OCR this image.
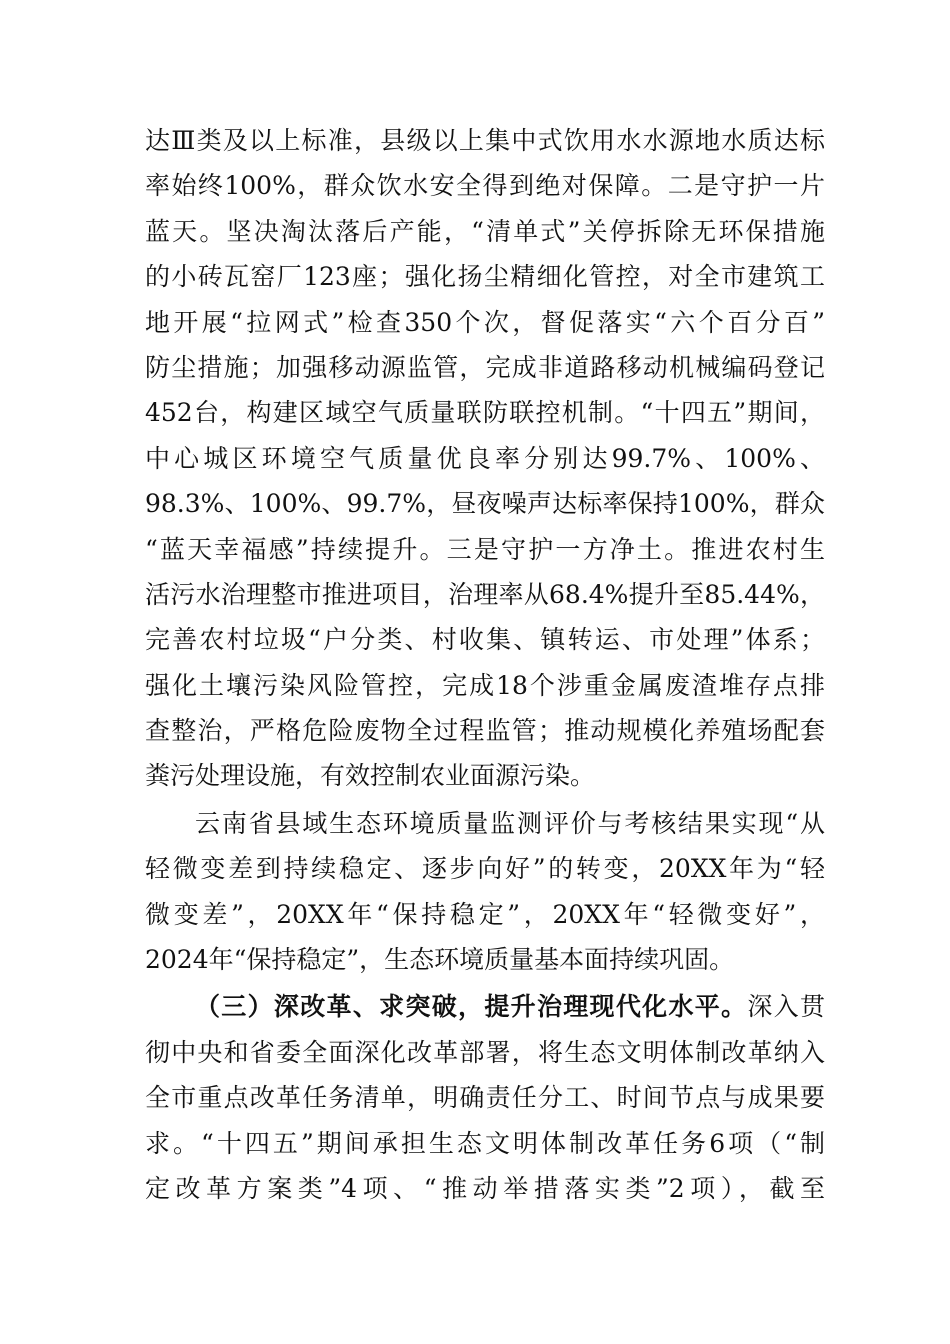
达Ⅲ类及以上标准，县级以上集中式饮用水水源地水质达标
率始终100%，群众饮水安全得到绝对保障。二是守护一片
蓝天。坚决淘汰落后产能，“清单式”关停拆除无环保措施
的小砖瓦窑厂123座；强化扬尘精细化管控，对全市建筑工
地开展“拉网式”检查350个次，督促落实“六个百分百”
防尘措施；加强移动源监管，完成非道路移动机械编码登记
452台，构建区域空气质量联防联控机制。“十四五”期间，
中心城区环境空气质量优良率分别达99.7%、100%、
98.3%、100%、99.7%，昼夜噪声达标率保持100%，群众
“蓝天幸福感”持续提升。三是守护一方净土。推进农村生
活污水治理整市推进项目，治理率从68.4%提升至85.44%，
完善农村垃圾“户分类、村收集、镇转运、市处理”体系；
强化土壤污染风险管控，完成18个涉重金属废渣堆存点排
查整治，严格危险废物全过程监管；推动规模化养殖场配套
粪污处理设施，有效控制农业面源污染。
云南省县域生态环境质量监测评价与考核结果实现“从
轻微变差到持续稳定、逐步向好”的转变，20XX年为“轻
微变差”，20XX年“保持稳定”，20XX年“轻微变好”，
2024年“保持稳定”，生态环境质量基本面持续巩固。
（三）深改革、求突破，提升治理现代化水平。深入贯
彻中央和省委全面深化改革部署，将生态文明体制改革纳入
全市重点改革任务清单，明确责任分工、时间节点与成果要
求。“十四五”期间承担生态文明体制改革任务6项（“制
定改革方案类”4项、“推动举措落实类”2项），截至
